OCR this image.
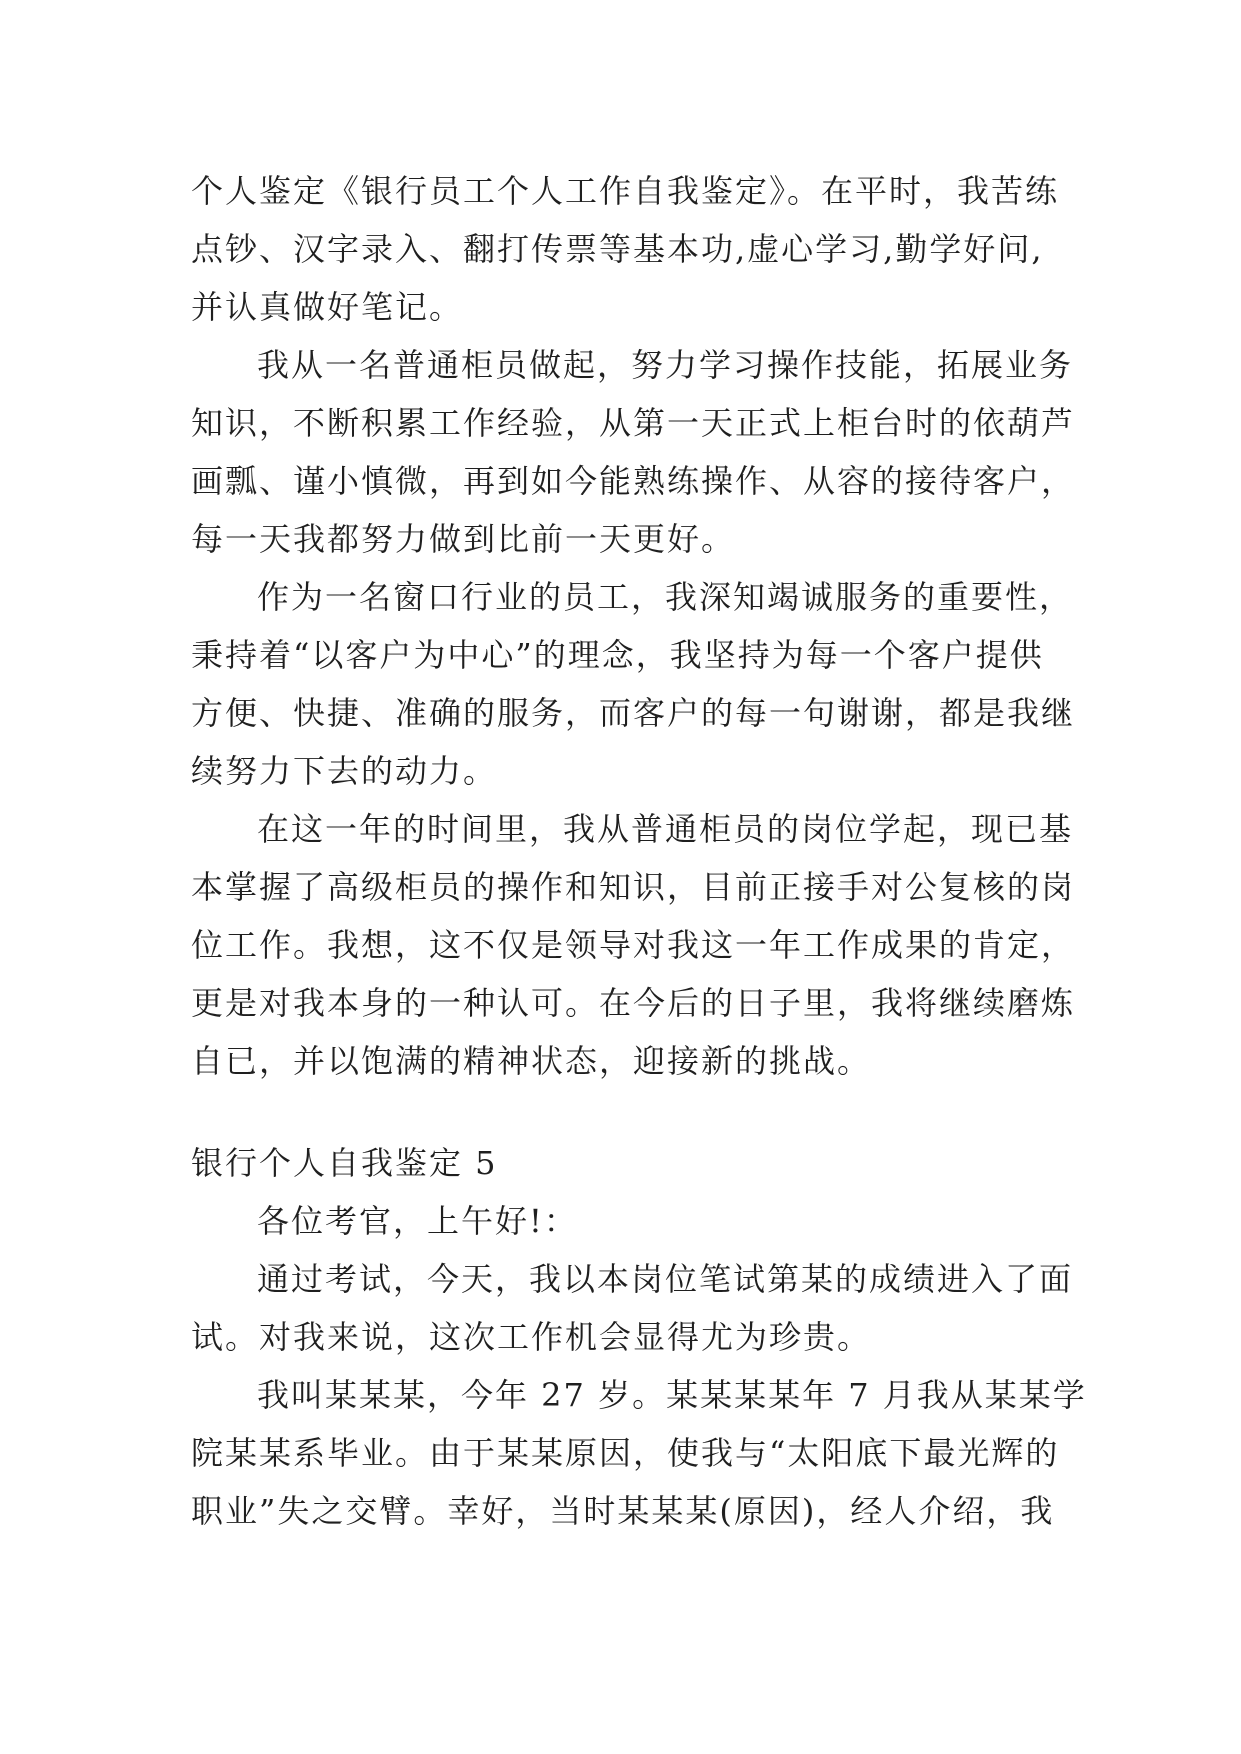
个人鉴定《银行员工个人工作自我鉴定》。在平时，我苦练
点钞、汉字录入、翻打传票等基本功,虚心学习,勤学好问,
并认真做好笔记。
我从一名普通柜员做起，努力学习操作技能，拓展业务
知识，不断积累工作经验，从第一天正式上柜台时的依葫芦
画瓢、谨小慎微，再到如今能熟练操作、从容的接待客户，
每一天我都努力做到比前一天更好。
作为一名窗口行业的员工，我深知竭诚服务的重要性，
秉持着“以客户为中心”的理念，我坚持为每一个客户提供
方便、快捷、准确的服务，而客户的每一句谢谢，都是我继
续努力下去的动力。
在这一年的时间里，我从普通柜员的岗位学起，现已基
本掌握了高级柜员的操作和知识，目前正接手对公复核的岗
位工作。我想，这不仅是领导对我这一年工作成果的肯定，
更是对我本身的一种认可。在今后的日子里，我将继续磨炼
自已，并以饱满的精神状态，迎接新的挑战。
银行个人自我鉴定 5
各位考官，上午好!：
通过考试，今天，我以本岗位笔试第某的成绩进入了面
试。对我来说，这次工作机会显得尤为珍贵。
我叫某某某，今年 27 岁。某某某某年 7 月我从某某学
院某某系毕业。由于某某原因，使我与“太阳底下最光辉的
职业”失之交臂。幸好，当时某某某(原因)，经人介绍，我
